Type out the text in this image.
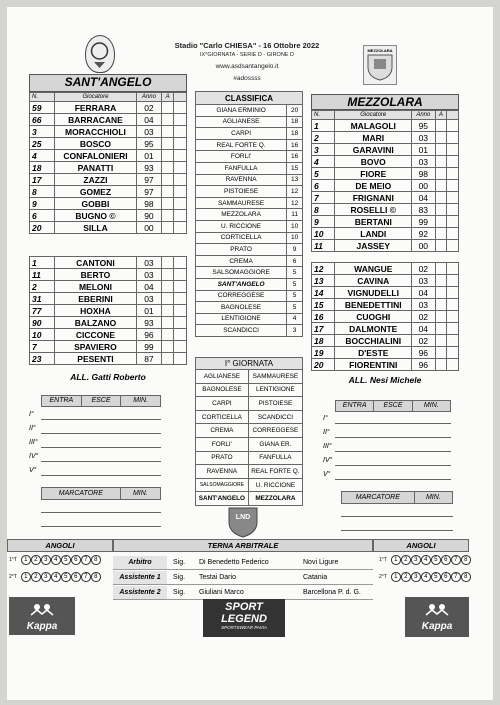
Stadio "Carlo CHIESA" - 16 Ottobre 2022
IX°GIORNATA - SERIE D - GIRONE D
www.asdsantangelo.it
#adossss
MEZZOLARA
SANT'ANGELO
N.	Giocatore	Anno	A	
59	FERRARA	02		
66	BARRACANE	04		
3	MORACCHIOLI	03		
25	BOSCO	95		
4	CONFALONIERI	01		
18	PANATTI	93		
17	ZAZZI	97		
8	GOMEZ	97		
9	GOBBI	98		
6	BUGNO ©	90		
20	SILLA	00		
1	CANTONI	03		
11	BERTO	03		
2	MELONI	04		
31	EBERINI	03		
77	HOXHA	01		
90	BALZANO	93		
10	CICCONE	96		
7	SPAVIERO	99		
23	PESENTI	87		
ALL. Gatti Roberto
CLASSIFICA	
GIANA ERMINIO	20
AGLIANESE	18
CARPI	18
REAL FORTE Q.	16
FORLI'	16
FANFULLA	15
RAVENNA	13
PISTOIESE	12
SAMMAURESE	12
MEZZOLARA	11
U. RICCIONE	10
CORTICELLA	10
PRATO	9
CREMA	6
SALSOMAGGIORE	5
SANT'ANGELO	5
CORREGGESE	5
BAGNOLESE	5
LENTIGIONE	4
SCANDICCI	3
I° GIORNATA	
AGLIANESE	SAMMAURESE
BAGNOLESE	LENTIGIONE
CARPI	PISTOIESE
CORTICELLA	SCANDICCI
CREMA	CORREGGESE
FORLI'	GIANA ER.
PRATO	FANFULLA
RAVENNA	REAL FORTE Q.
SALSOMAGGIORE	U. RICCIONE
SANT'ANGELO	MEZZOLARA
MEZZOLARA
N.	Giocatore	Anno	A	
1	MALAGOLI	95		
2	MARI	03		
3	GARAVINI	01		
4	BOVO	03		
5	FIORE	98		
6	DE MEIO	00		
7	FRIGNANI	04		
8	ROSELLI ©	83		
9	BERTANI	99		
10	LANDI	92		
11	JASSEY	00		
12	WANGUE	02		
13	CAVINA	03		
14	VIGNUDELLI	04		
15	BENEDETTINI	03		
16	CUOGHI	02		
17	DALMONTE	04		
18	BOCCHIALINI	02		
19	D'ESTE	96		
20	FIORENTINI	96		
ALL. Nesi Michele
ENTRA	ESCE	MIN.
I°
II°
III°
IV°
V°
ENTRA	ESCE	MIN.
I°
II°
III°
IV°
V°
MARCATORE	MIN.
MARCATORE	MIN.
LND
ANGOLI	TERNA ARBITRALE	ANGOLI
1°T	1	2	3	4	5	6	7	8
2°T	1	2	3	4	5	6	7	8
1°T	1	2	3	4	5	6	7	8
2°T	1	2	3	4	5	6	7	8
Arbitro	Sig. Di Benedetto Federico	Novi Ligure
Assistente 1	Sig. Testai Dario	Catania
Assistente 2	Sig. Giuliani Marco	Barcellona P. d. G.
Kappa
SPORT
LEGEND
SPORTSWEAR PAVIA	Kappa
